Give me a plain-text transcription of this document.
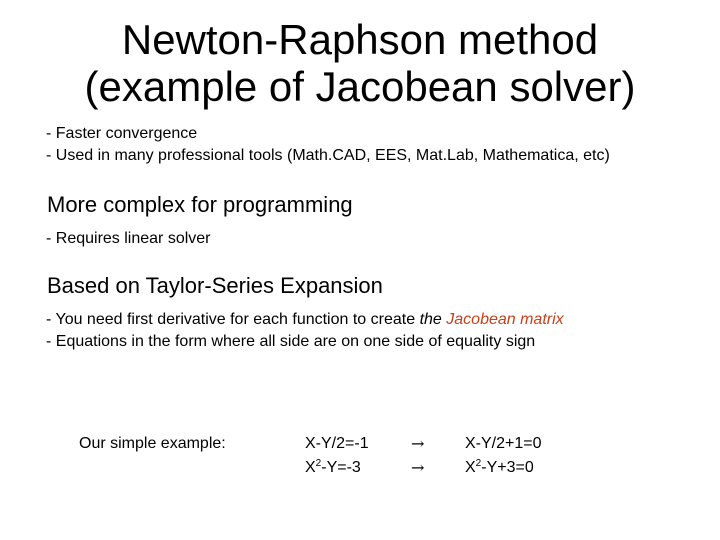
Newton-Raphson method
(example of Jacobean solver)
- Faster convergence
- Used in many professional tools (Math.CAD, EES, Mat.Lab, Mathematica, etc)
More complex for programming
- Requires linear solver
Based on Taylor-Series Expansion
- You need first derivative for each function to create the Jacobean matrix
- Equations in the form where all side are on one side of equality sign
Our simple example:	X-Y/2=-1
$X^2-Y=-3$
→
→
X-Y/2+1=0
$X^2-Y+3=0$
